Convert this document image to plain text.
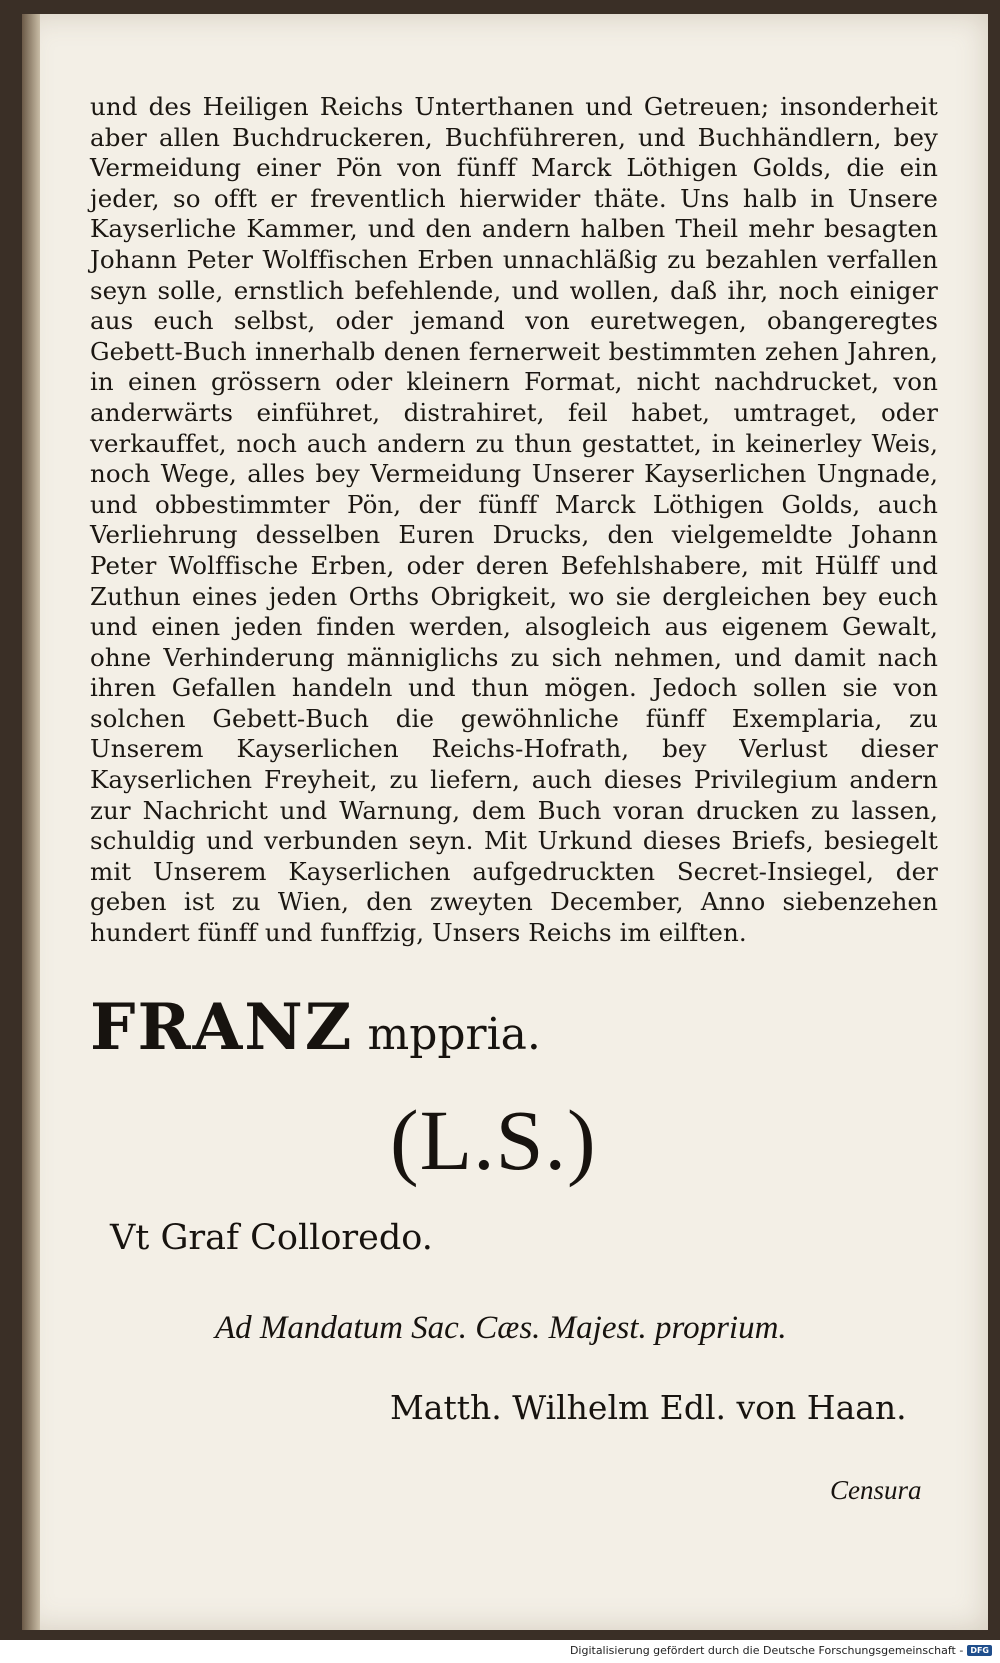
und des Heiligen Reichs Unterthanen und Getreuen; insonderheit aber allen Buchdruckeren, Buchführeren, und Buchhändlern, bey Vermeidung einer Pön von fünff Marck Löthigen Golds, die ein jeder, so offt er freventlich hierwider thäte. Uns halb in Unsere Kayserliche Kammer, und den andern halben Theil mehr besagten Johann Peter Wolffischen Erben unnachläßig zu bezahlen verfallen seyn solle, ernstlich befehlende, und wollen, daß ihr, noch einiger aus euch selbst, oder jemand von euretwegen, obangeregtes Gebett-Buch innerhalb denen fernerweit bestimmten zehen Jahren, in einen grössern oder kleinern Format, nicht nachdrucket, von anderwärts einführet, distrahiret, feil habet, umtraget, oder verkauffet, noch auch andern zu thun gestattet, in keinerley Weis, noch Wege, alles bey Vermeidung Unserer Kayserlichen Ungnade, und obbestimmter Pön, der fünff Marck Löthigen Golds, auch Verliehrung desselben Euren Drucks, den vielgemeldte Johann Peter Wolffische Erben, oder deren Befehlshabere, mit Hülff und Zuthun eines jeden Orths Obrigkeit, wo sie dergleichen bey euch und einen jeden finden werden, alsogleich aus eigenem Gewalt, ohne Verhinderung männiglichs zu sich nehmen, und damit nach ihren Gefallen handeln und thun mögen. Jedoch sollen sie von solchen Gebett-Buch die gewöhnliche fünff Exemplaria, zu Unserem Kayserlichen Reichs-Hofrath, bey Verlust dieser Kayserlichen Freyheit, zu liefern, auch dieses Privilegium andern zur Nachricht und Warnung, dem Buch voran drucken zu lassen, schuldig und verbunden seyn. Mit Urkund dieses Briefs, besiegelt mit Unserem Kayserlichen aufgedruckten Secret-Insiegel, der geben ist zu Wien, den zweyten December, Anno siebenzehen hundert fünff und funffzig, Unsers Reichs im eilften.
FRANZ mppria.
(L.S.)
Vt Graf Colloredo.
Ad Mandatum Sac. Cæs. Majest. proprium.
Matth. Wilhelm Edl. von Haan.
Censura
Digitalisierung gefördert durch die Deutsche Forschungsgemeinschaft - DFG
